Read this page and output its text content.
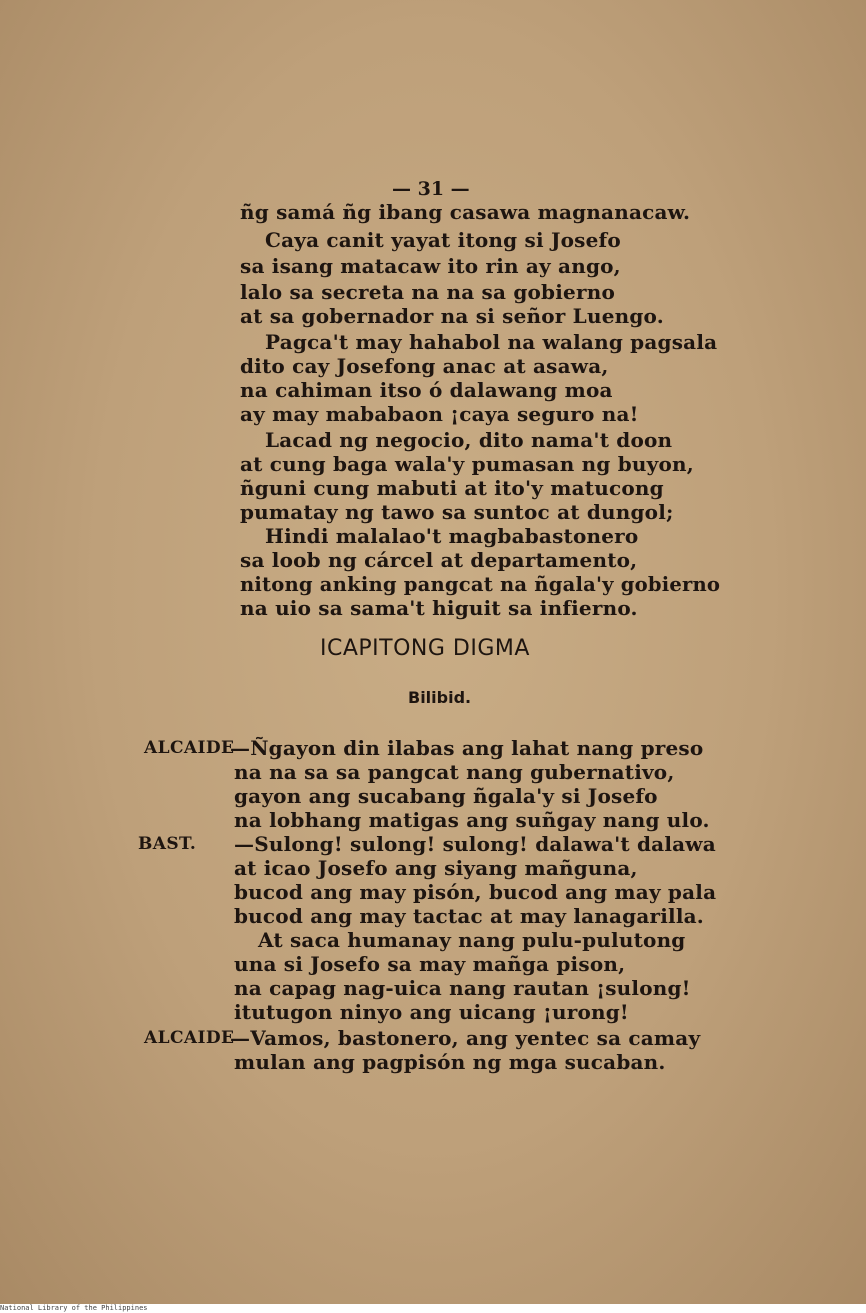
— 31 —
ñg samá ñg ibang casawa magnanacaw.
Caya canit yayat itong si Josefo
sa isang matacaw ito rin ay ango,
lalo sa secreta na na sa gobierno
at sa gobernador na si señor Luengo.
Pagca't may hahabol na walang pagsala
dito cay Josefong anac at asawa,
na cahiman itso ó dalawang moa
ay may mababaon ¡caya seguro na!
Lacad ng negocio, dito nama't doon
at cung baga wala'y pumasan ng buyon,
ñguni cung mabuti at ito'y matucong
pumatay ng tawo sa suntoc at dungol;
Hindi malalao't magbabastonero
sa loob ng cárcel at departamento,
nitong anking pangcat na ñgala'y gobierno
na uio sa sama't higuit sa infierno.
ICAPITONG DIGMA
Bilibid.
ALCAIDE
—Ñgayon din ilabas ang lahat nang preso
na na sa sa pangcat nang gubernativo,
gayon ang sucabang ñgala'y si Josefo
na lobhang matigas ang suñgay nang ulo.
BAST. —Sulong! sulong! sulong! dalawa't dalawa
at icao Josefo ang siyang mañguna,
bucod ang may pisón, bucod ang may pala
bucod ang may tactac at may lanagarilla.
At saca humanay nang pulu-pulutong
una si Josefo sa may mañga pison,
na capag nag-uica nang rautan ¡sulong!
itutugon ninyo ang uicang ¡urong!
ALCAIDE
—Vamos, bastonero, ang yentec sa camay
mulan ang pagpisón ng mga sucaban.
National Library of the Philippines
